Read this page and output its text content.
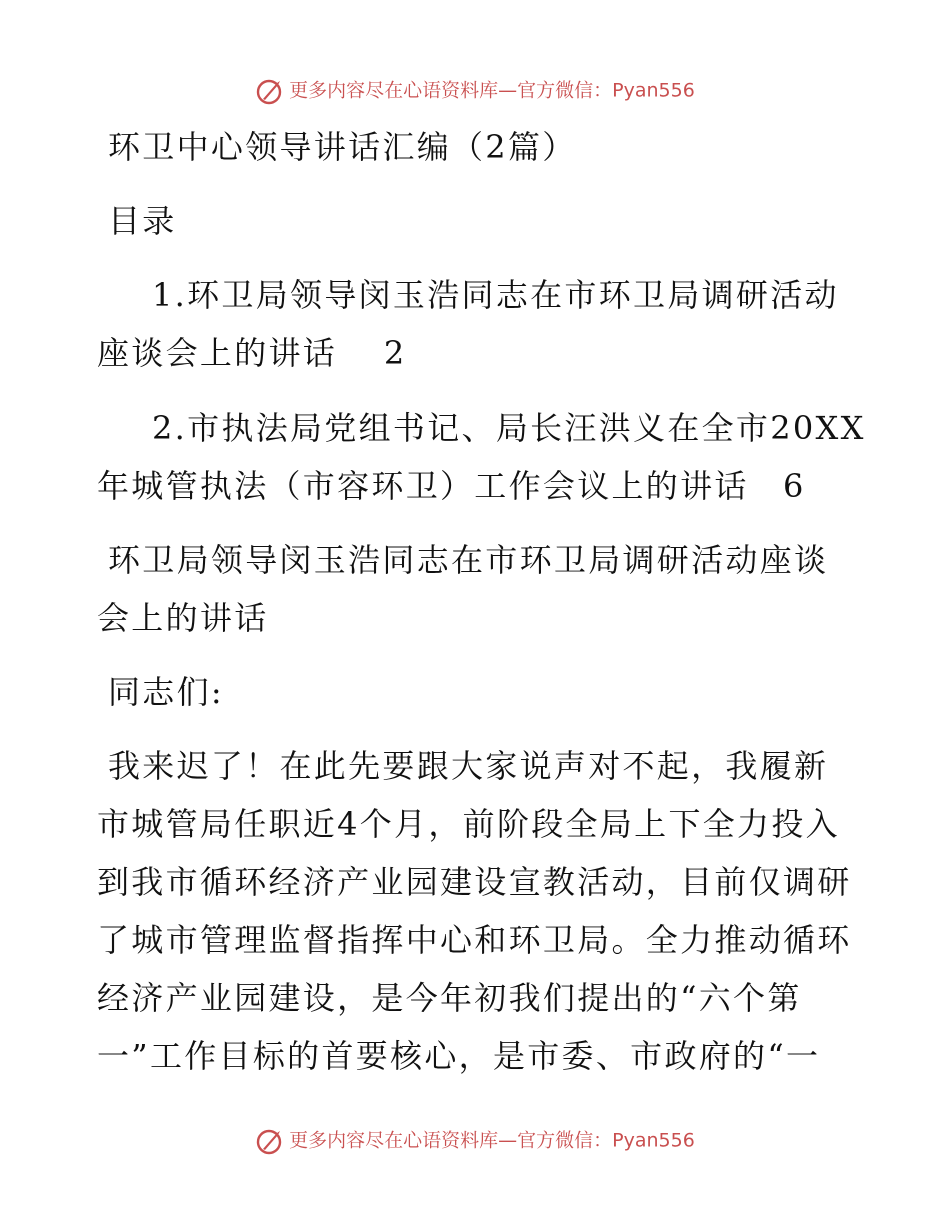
更多内容尽在心语资料库—官方微信：Pyan556
环卫中心领导讲话汇编（2篇）
目录
1.环卫局领导闵玉浩同志在市环卫局调研活动
座谈会上的讲话　 2
2.市执法局党组书记、局长汪洪义在全市20XX
年城管执法（市容环卫）工作会议上的讲话　6
环卫局领导闵玉浩同志在市环卫局调研活动座谈
会上的讲话
同志们:
我来迟了！在此先要跟大家说声对不起，我履新
市城管局任职近4个月，前阶段全局上下全力投入
到我市循环经济产业园建设宣教活动，目前仅调研
了城市管理监督指挥中心和环卫局。全力推动循环
经济产业园建设，是今年初我们提出的“六个第
一”工作目标的首要核心，是市委、市政府的“一
更多内容尽在心语资料库—官方微信：Pyan556
